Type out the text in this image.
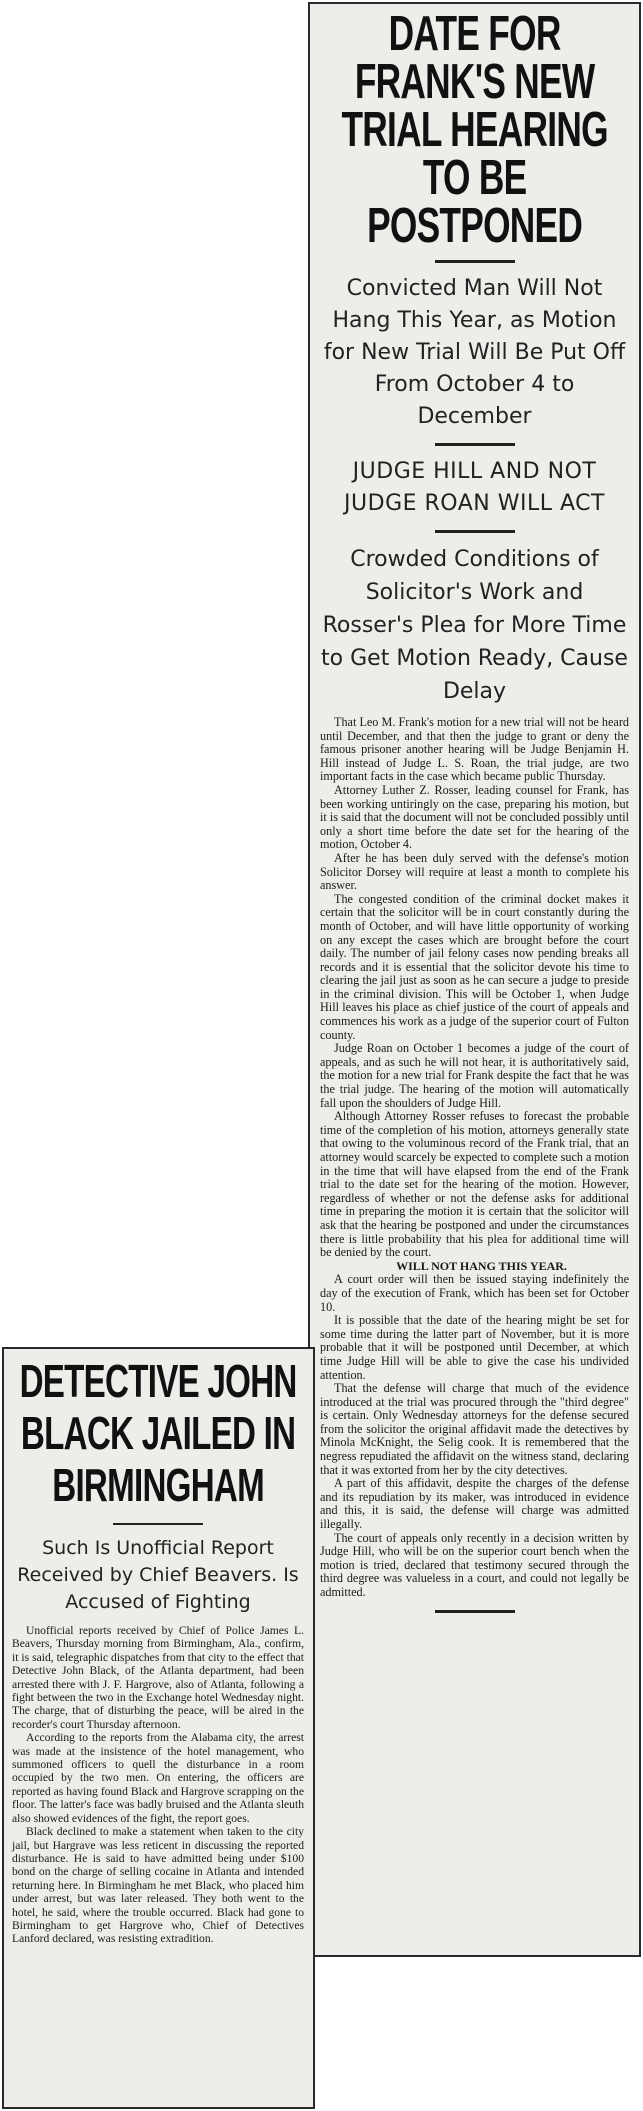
DATE FOR FRANK'S NEW TRIAL HEARING TO BE POSTPONED

Convicted Man Will Not Hang This Year, as Motion for New Trial Will Be Put Off From October 4 to December

JUDGE HILL AND NOT JUDGE ROAN WILL ACT

Crowded Conditions of Solicitor's Work and Rosser's Plea for More Time to Get Motion Ready, Cause Delay

That Leo M. Frank's motion for a new trial will not be heard until December, and that then the judge to grant or deny the famous prisoner another hearing will be Judge Benjamin H. Hill instead of Judge L. S. Roan, the trial judge, are two important facts in the case which became public Thursday.

Attorney Luther Z. Rosser, leading counsel for Frank, has been working untiringly on the case, preparing his motion, but it is said that the document will not be concluded possibly until only a short time before the date set for the hearing of the motion, October 4.

After he has been duly served with the defense's motion Solicitor Dorsey will require at least a month to complete his answer.

The congested condition of the criminal docket makes it certain that the solicitor will be in court constantly during the month of October, and will have little opportunity of working on any except the cases which are brought before the court daily. The number of jail felony cases now pending breaks all records and it is essential that the solicitor devote his time to clearing the jail just as soon as he can secure a judge to preside in the criminal division. This will be October 1, when Judge Hill leaves his place as chief justice of the court of appeals and commences his work as a judge of the superior court of Fulton county.

Judge Roan on October 1 becomes a judge of the court of appeals, and as such he will not hear, it is authoritatively said, the motion for a new trial for Frank despite the fact that he was the trial judge. The hearing of the motion will automatically fall upon the shoulders of Judge Hill.

Although Attorney Rosser refuses to forecast the probable time of the completion of his motion, attorneys generally state that owing to the voluminous record of the Frank trial, that an attorney would scarcely be expected to complete such a motion in the time that will have elapsed from the end of the Frank trial to the date set for the hearing of the motion. However, regardless of whether or not the defense asks for additional time in preparing the motion it is certain that the solicitor will ask that the hearing be postponed and under the circumstances there is little probability that his plea for additional time will be denied by the court.

WILL NOT HANG THIS YEAR.

A court order will then be issued staying indefinitely the day of the execution of Frank, which has been set for October 10.

It is possible that the date of the hearing might be set for some time during the latter part of November, but it is more probable that it will be postponed until December, at which time Judge Hill will be able to give the case his undivided attention.

That the defense will charge that much of the evidence introduced at the trial was procured through the "third degree" is certain. Only Wednesday attorneys for the defense secured from the solicitor the original affidavit made the detectives by Minola McKnight, the Selig cook. It is remembered that the negress repudiated the affidavit on the witness stand, declaring that it was extorted from her by the city detectives.

A part of this affidavit, despite the charges of the defense and its repudiation by its maker, was introduced in evidence and this, it is said, the defense will charge was admitted illegally.

The court of appeals only recently in a decision written by Judge Hill, who will be on the superior court bench when the motion is tried, declared that testimony secured through the third degree was valueless in a court, and could not legally be admitted.

DETECTIVE JOHN BLACK JAILED IN BIRMINGHAM

Such Is Unofficial Report Received by Chief Beavers. Is Accused of Fighting

Unofficial reports received by Chief of Police James L. Beavers, Thursday morning from Birmingham, Ala., confirm, it is said, telegraphic dispatches from that city to the effect that Detective John Black, of the Atlanta department, had been arrested there with J. F. Hargrove, also of Atlanta, following a fight between the two in the Exchange hotel Wednesday night. The charge, that of disturbing the peace, will be aired in the recorder's court Thursday afternoon.

According to the reports from the Alabama city, the arrest was made at the insistence of the hotel management, who summoned officers to quell the disturbance in a room occupied by the two men. On entering, the officers are reported as having found Black and Hargrove scrapping on the floor. The latter's face was badly bruised and the Atlanta sleuth also showed evidences of the fight, the report goes.

Black declined to make a statement when taken to the city jail, but Hargrave was less reticent in discussing the reported disturbance. He is said to have admitted being under $100 bond on the charge of selling cocaine in Atlanta and intended returning here. In Birmingham he met Black, who placed him under arrest, but was later released. They both went to the hotel, he said, where the trouble occurred. Black had gone to Birmingham to get Hargrove who, Chief of Detectives Lanford declared, was resisting extradition.
